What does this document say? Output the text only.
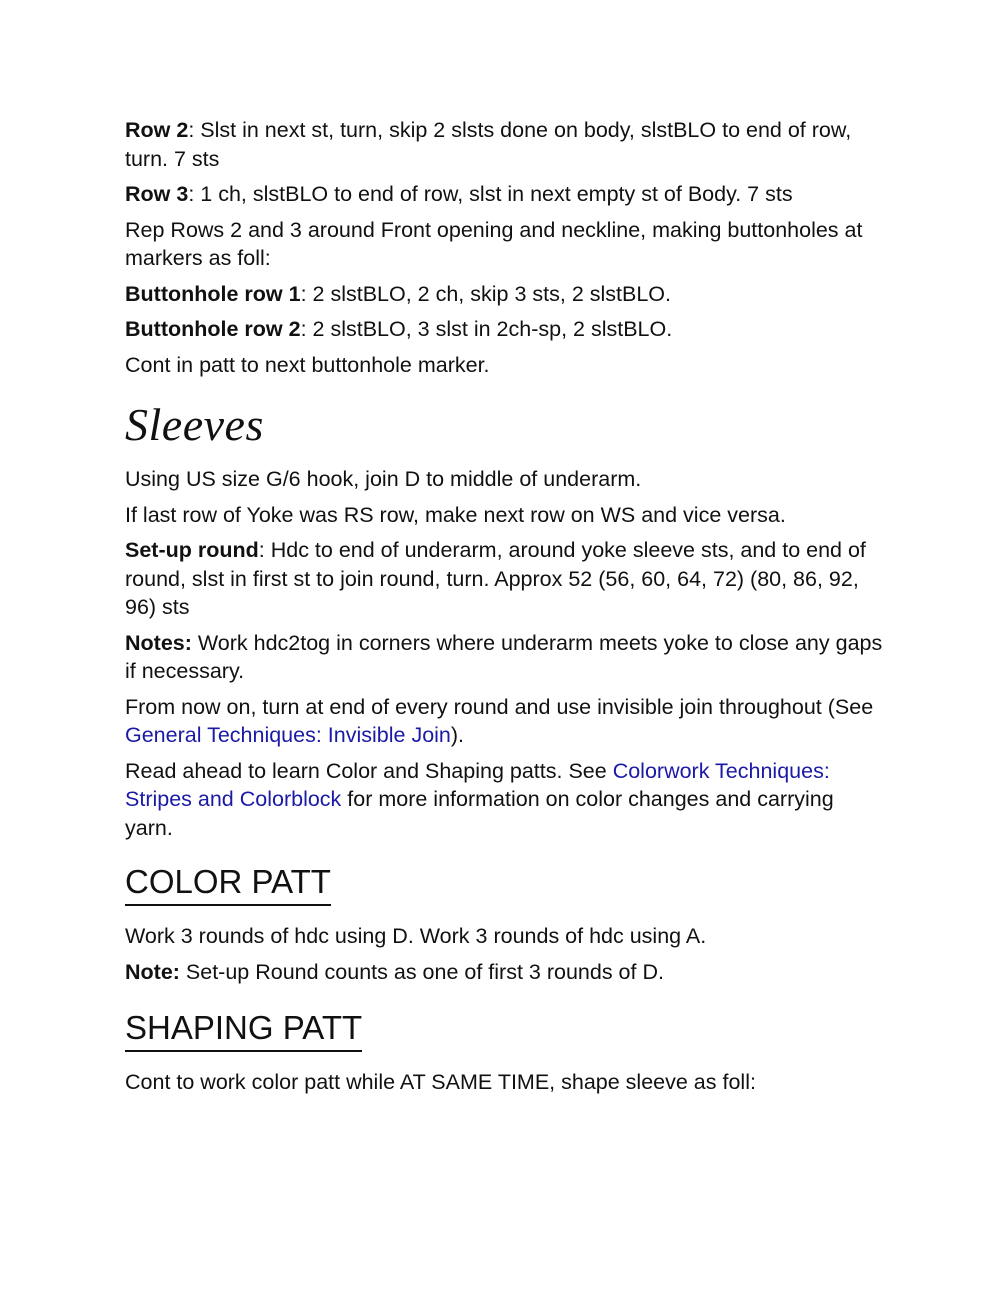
Row 2: Slst in next st, turn, skip 2 slsts done on body, slstBLO to end of row, turn. 7 sts

Row 3: 1 ch, slstBLO to end of row, slst in next empty st of Body. 7 sts

Rep Rows 2 and 3 around Front opening and neckline, making buttonholes at markers as foll:

Buttonhole row 1: 2 slstBLO, 2 ch, skip 3 sts, 2 slstBLO.

Buttonhole row 2: 2 slstBLO, 3 slst in 2ch-sp, 2 slstBLO.

Cont in patt to next buttonhole marker.

Sleeves

Using US size G/6 hook, join D to middle of underarm.

If last row of Yoke was RS row, make next row on WS and vice versa.

Set-up round: Hdc to end of underarm, around yoke sleeve sts, and to end of round, slst in first st to join round, turn. Approx 52 (56, 60, 64, 72) (80, 86, 92, 96) sts

Notes: Work hdc2tog in corners where underarm meets yoke to close any gaps if necessary.

From now on, turn at end of every round and use invisible join throughout (See General Techniques: Invisible Join).

Read ahead to learn Color and Shaping patts. See Colorwork Techniques: Stripes and Colorblock for more information on color changes and carrying yarn.

COLOR PATT

Work 3 rounds of hdc using D. Work 3 rounds of hdc using A.

Note: Set-up Round counts as one of first 3 rounds of D.

SHAPING PATT

Cont to work color patt while AT SAME TIME, shape sleeve as foll:
